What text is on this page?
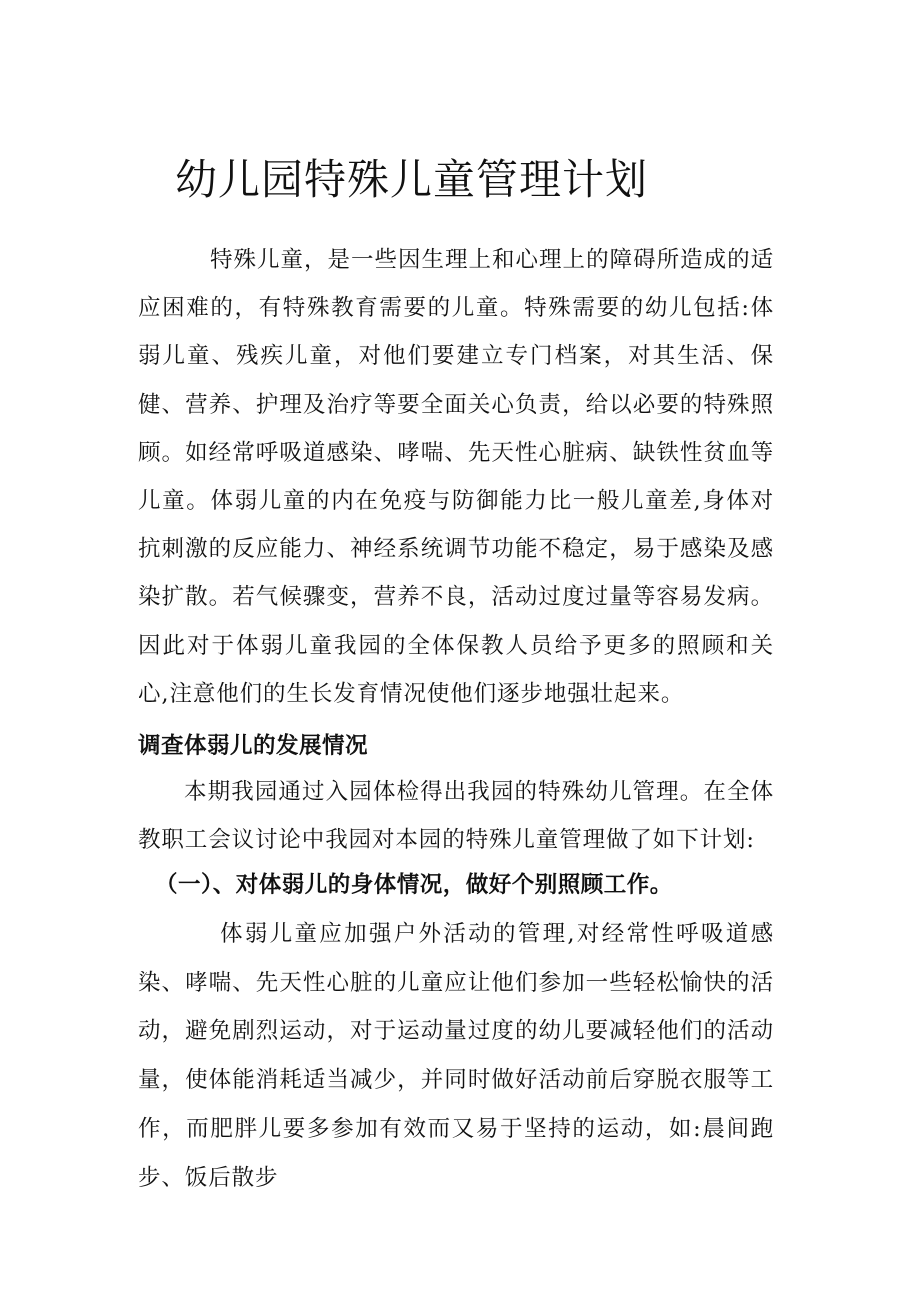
幼儿园特殊儿童管理计划

特殊儿童，是一些因生理上和心理上的障碍所造成的适应困难的，有特殊教育需要的儿童。特殊需要的幼儿包括:体弱儿童、残疾儿童，对他们要建立专门档案，对其生活、保健、营养、护理及治疗等要全面关心负责，给以必要的特殊照顾。如经常呼吸道感染、哮喘、先天性心脏病、缺铁性贫血等儿童。体弱儿童的内在免疫与防御能力比一般儿童差,身体对抗刺激的反应能力、神经系统调节功能不稳定，易于感染及感染扩散。若气候骤变，营养不良，活动过度过量等容易发病。因此对于体弱儿童我园的全体保教人员给予更多的照顾和关心,注意他们的生长发育情况使他们逐步地强壮起来。

调查体弱儿的发展情况

本期我园通过入园体检得出我园的特殊幼儿管理。在全体教职工会议讨论中我园对本园的特殊儿童管理做了如下计划:

（一）、对体弱儿的身体情况，做好个别照顾工作。

体弱儿童应加强户外活动的管理,对经常性呼吸道感染、哮喘、先天性心脏的儿童应让他们参加一些轻松愉快的活动，避免剧烈运动，对于运动量过度的幼儿要减轻他们的活动量，使体能消耗适当减少，并同时做好活动前后穿脱衣服等工作，而肥胖儿要多参加有效而又易于坚持的运动，如:晨间跑步、饭后散步
